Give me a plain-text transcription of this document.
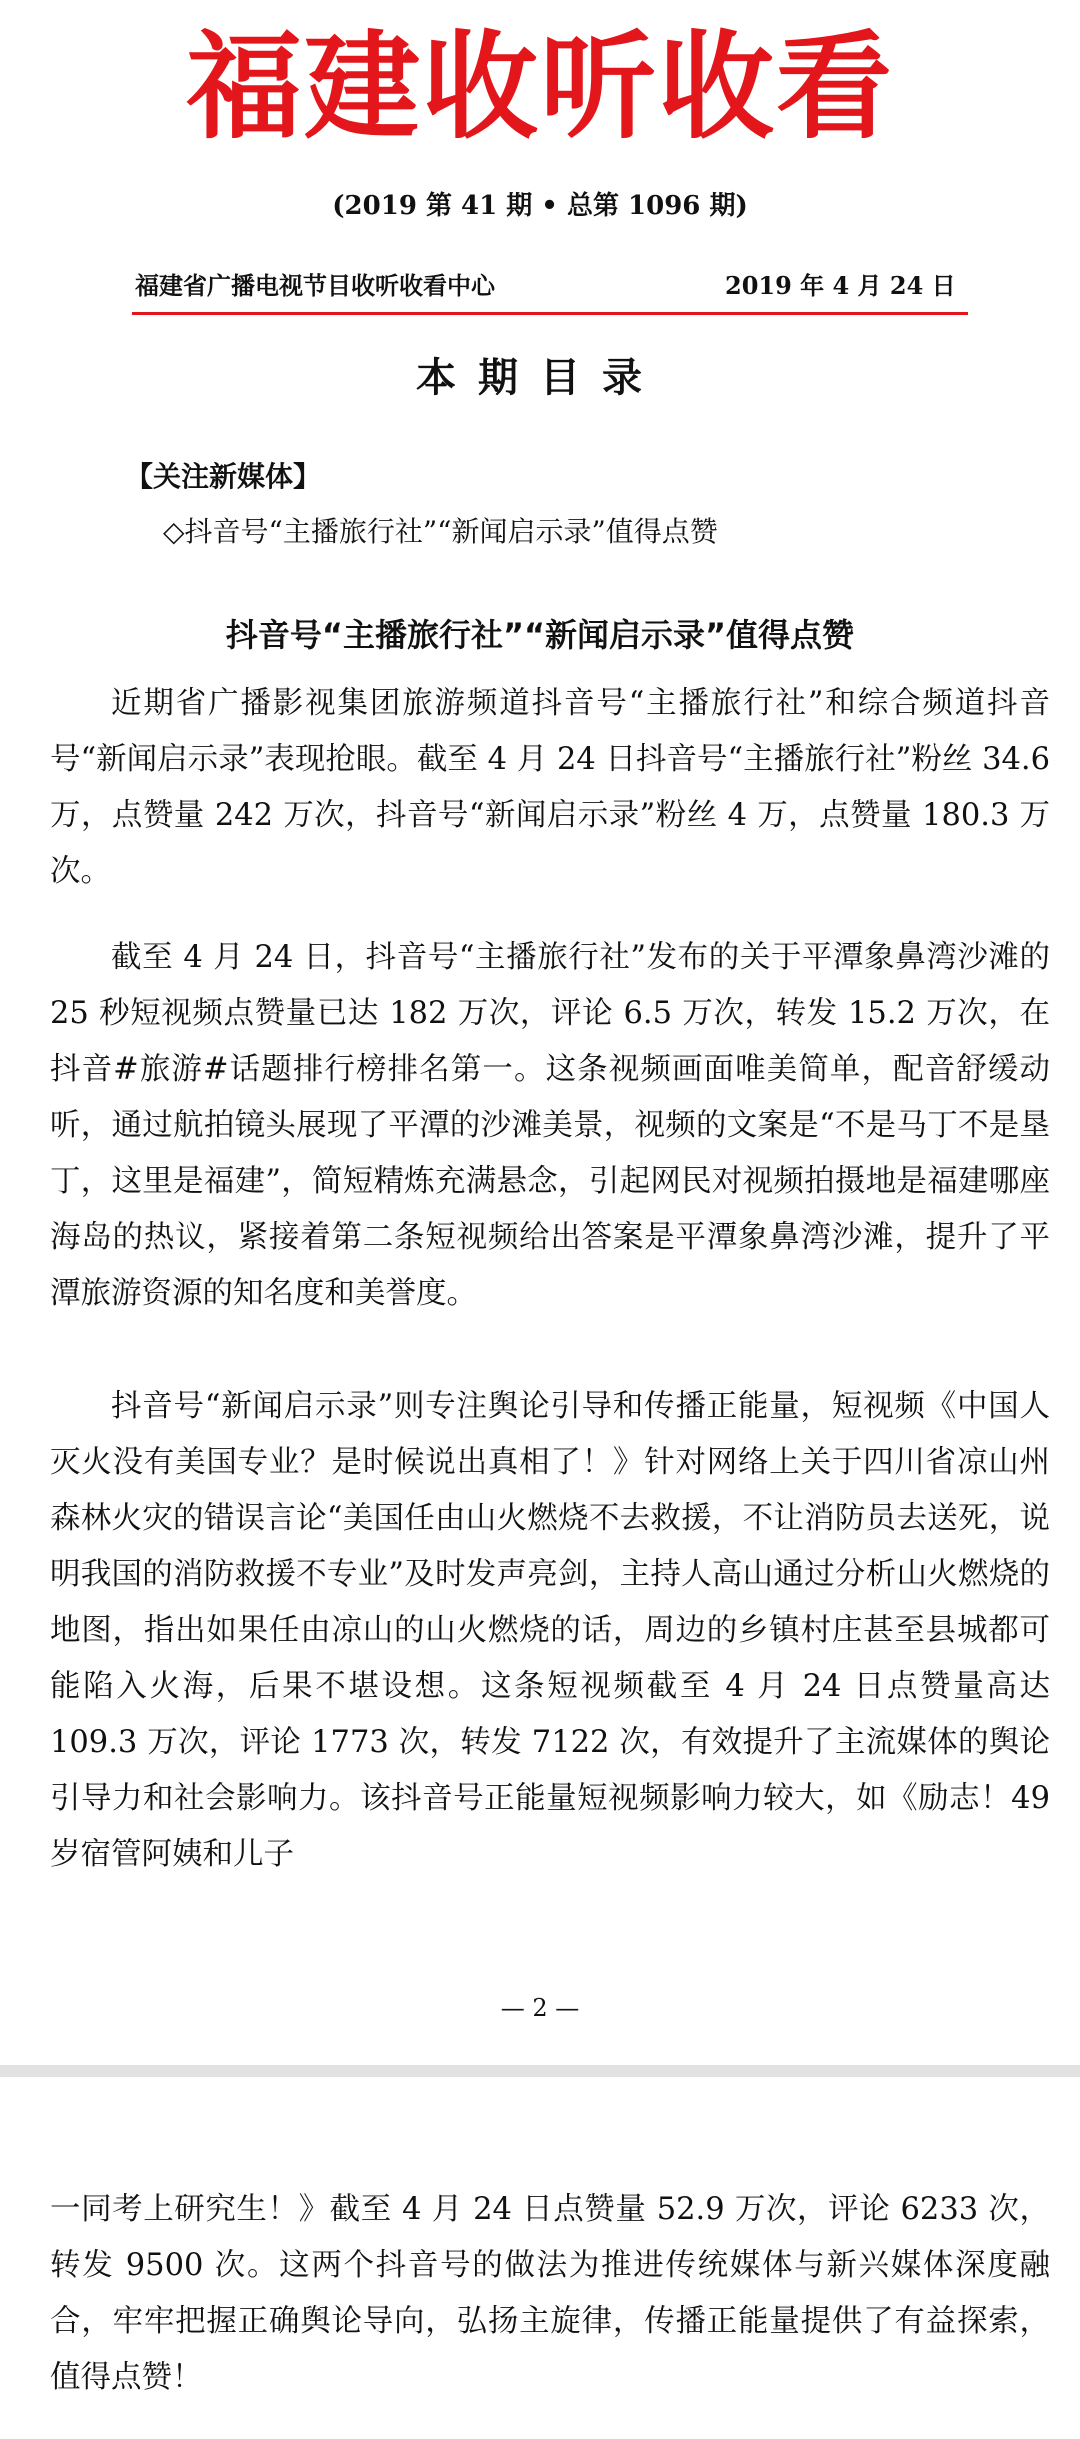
福建收听收看
(2019 第 41 期 • 总第 1096 期)
福建省广播电视节目收听收看中心	2019 年 4 月 24 日
本期目录
【关注新媒体】
◇抖音号“主播旅行社”“新闻启示录”值得点赞
抖音号“主播旅行社”“新闻启示录”值得点赞

近期省广播影视集团旅游频道抖音号“主播旅行社”和综合频道抖音号“新闻启示录”表现抢眼。截至 4 月 24 日抖音号“主播旅行社”粉丝 34.6 万，点赞量 242 万次，抖音号“新闻启示录”粉丝 4 万，点赞量 180.3 万次。

截至 4 月 24 日，抖音号“主播旅行社”发布的关于平潭象鼻湾沙滩的 25 秒短视频点赞量已达 182 万次，评论 6.5 万次，转发 15.2 万次，在抖音#旅游#话题排行榜排名第一。这条视频画面唯美简单，配音舒缓动听，通过航拍镜头展现了平潭的沙滩美景，视频的文案是“不是马丁不是垦丁，这里是福建”，简短精炼充满悬念，引起网民对视频拍摄地是福建哪座海岛的热议，紧接着第二条短视频给出答案是平潭象鼻湾沙滩，提升了平潭旅游资源的知名度和美誉度。

抖音号“新闻启示录”则专注舆论引导和传播正能量，短视频《中国人灭火没有美国专业？是时候说出真相了！》针对网络上关于四川省凉山州森林火灾的错误言论“美国任由山火燃烧不去救援，不让消防员去送死，说明我国的消防救援不专业”及时发声亮剑，主持人高山通过分析山火燃烧的地图，指出如果任由凉山的山火燃烧的话，周边的乡镇村庄甚至县城都可能陷入火海，后果不堪设想。这条短视频截至 4 月 24 日点赞量高达 109.3 万次，评论 1773 次，转发 7122 次，有效提升了主流媒体的舆论引导力和社会影响力。该抖音号正能量短视频影响力较大，如《励志！49 岁宿管阿姨和儿子

— 2 —

一同考上研究生！》截至 4 月 24 日点赞量 52.9 万次，评论 6233 次，转发 9500 次。这两个抖音号的做法为推进传统媒体与新兴媒体深度融合，牢牢把握正确舆论导向，弘扬主旋律，传播正能量提供了有益探索，值得点赞！
